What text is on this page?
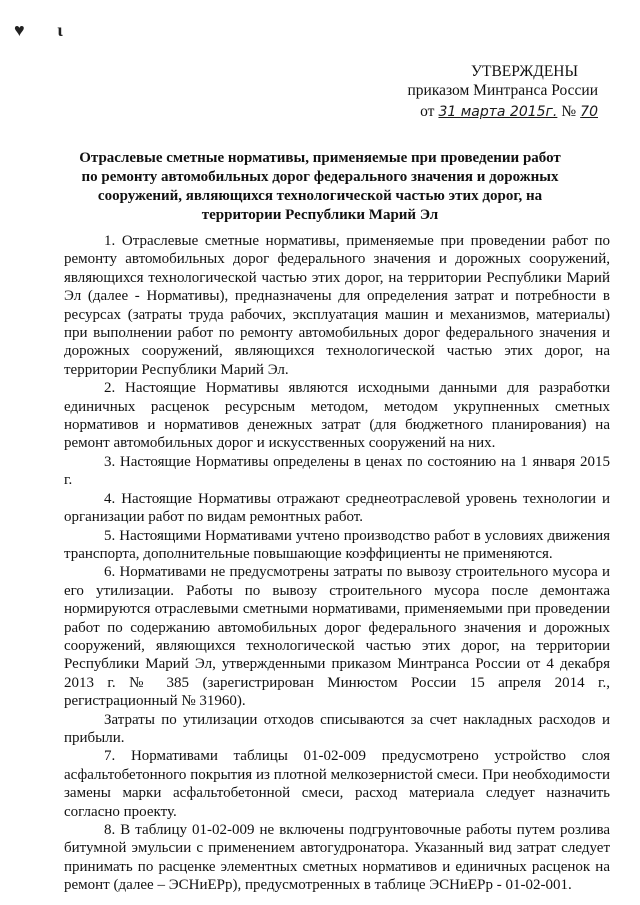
♥ ι
УТВЕРЖДЕНЫ
приказом Минтранса России
от 31 марта 2015г. № 70
Отраслевые сметные нормативы, применяемые при проведении работ по ремонту автомобильных дорог федерального значения и дорожных сооружений, являющихся технологической частью этих дорог, на территории Республики Марий Эл

1. Отраслевые сметные нормативы, применяемые при проведении работ по ремонту автомобильных дорог федерального значения и дорожных сооружений, являющихся технологической частью этих дорог, на территории Республики Марий Эл (далее - Нормативы), предназначены для определения затрат и потребности в ресурсах (затраты труда рабочих, эксплуатация машин и механизмов, материалы) при выполнении работ по ремонту автомобильных дорог федерального значения и дорожных сооружений, являющихся технологической частью этих дорог, на территории Республики Марий Эл.

2. Настоящие Нормативы являются исходными данными для разработки единичных расценок ресурсным методом, методом укрупненных сметных нормативов и нормативов денежных затрат (для бюджетного планирования) на ремонт автомобильных дорог и искусственных сооружений на них.

3. Настоящие Нормативы определены в ценах по состоянию на 1 января 2015 г.

4. Настоящие Нормативы отражают среднеотраслевой уровень технологии и организации работ по видам ремонтных работ.

5. Настоящими Нормативами учтено производство работ в условиях движения транспорта, дополнительные повышающие коэффициенты не применяются.

6. Нормативами не предусмотрены затраты по вывозу строительного мусора и его утилизации. Работы по вывозу строительного мусора после демонтажа нормируются отраслевыми сметными нормативами, применяемыми при проведении работ по содержанию автомобильных дорог федерального значения и дорожных сооружений, являющихся технологической частью этих дорог, на территории Республики Марий Эл, утвержденными приказом Минтранса России от 4 декабря 2013 г. № 385 (зарегистрирован Минюстом России 15 апреля 2014 г., регистрационный № 31960).

Затраты по утилизации отходов списываются за счет накладных расходов и прибыли.

7. Нормативами таблицы 01-02-009 предусмотрено устройство слоя асфальтобетонного покрытия из плотной мелкозернистой смеси. При необходимости замены марки асфальтобетонной смеси, расход материала следует назначить согласно проекту.

8. В таблицу 01-02-009 не включены подгрунтовочные работы путем розлива битумной эмульсии с применением автогудронатора. Указанный вид затрат следует принимать по расценке элементных сметных нормативов и единичных расценок на ремонт (далее – ЭСНиЕРр), предусмотренных в таблице ЭСНиЕРр - 01-02-001.
